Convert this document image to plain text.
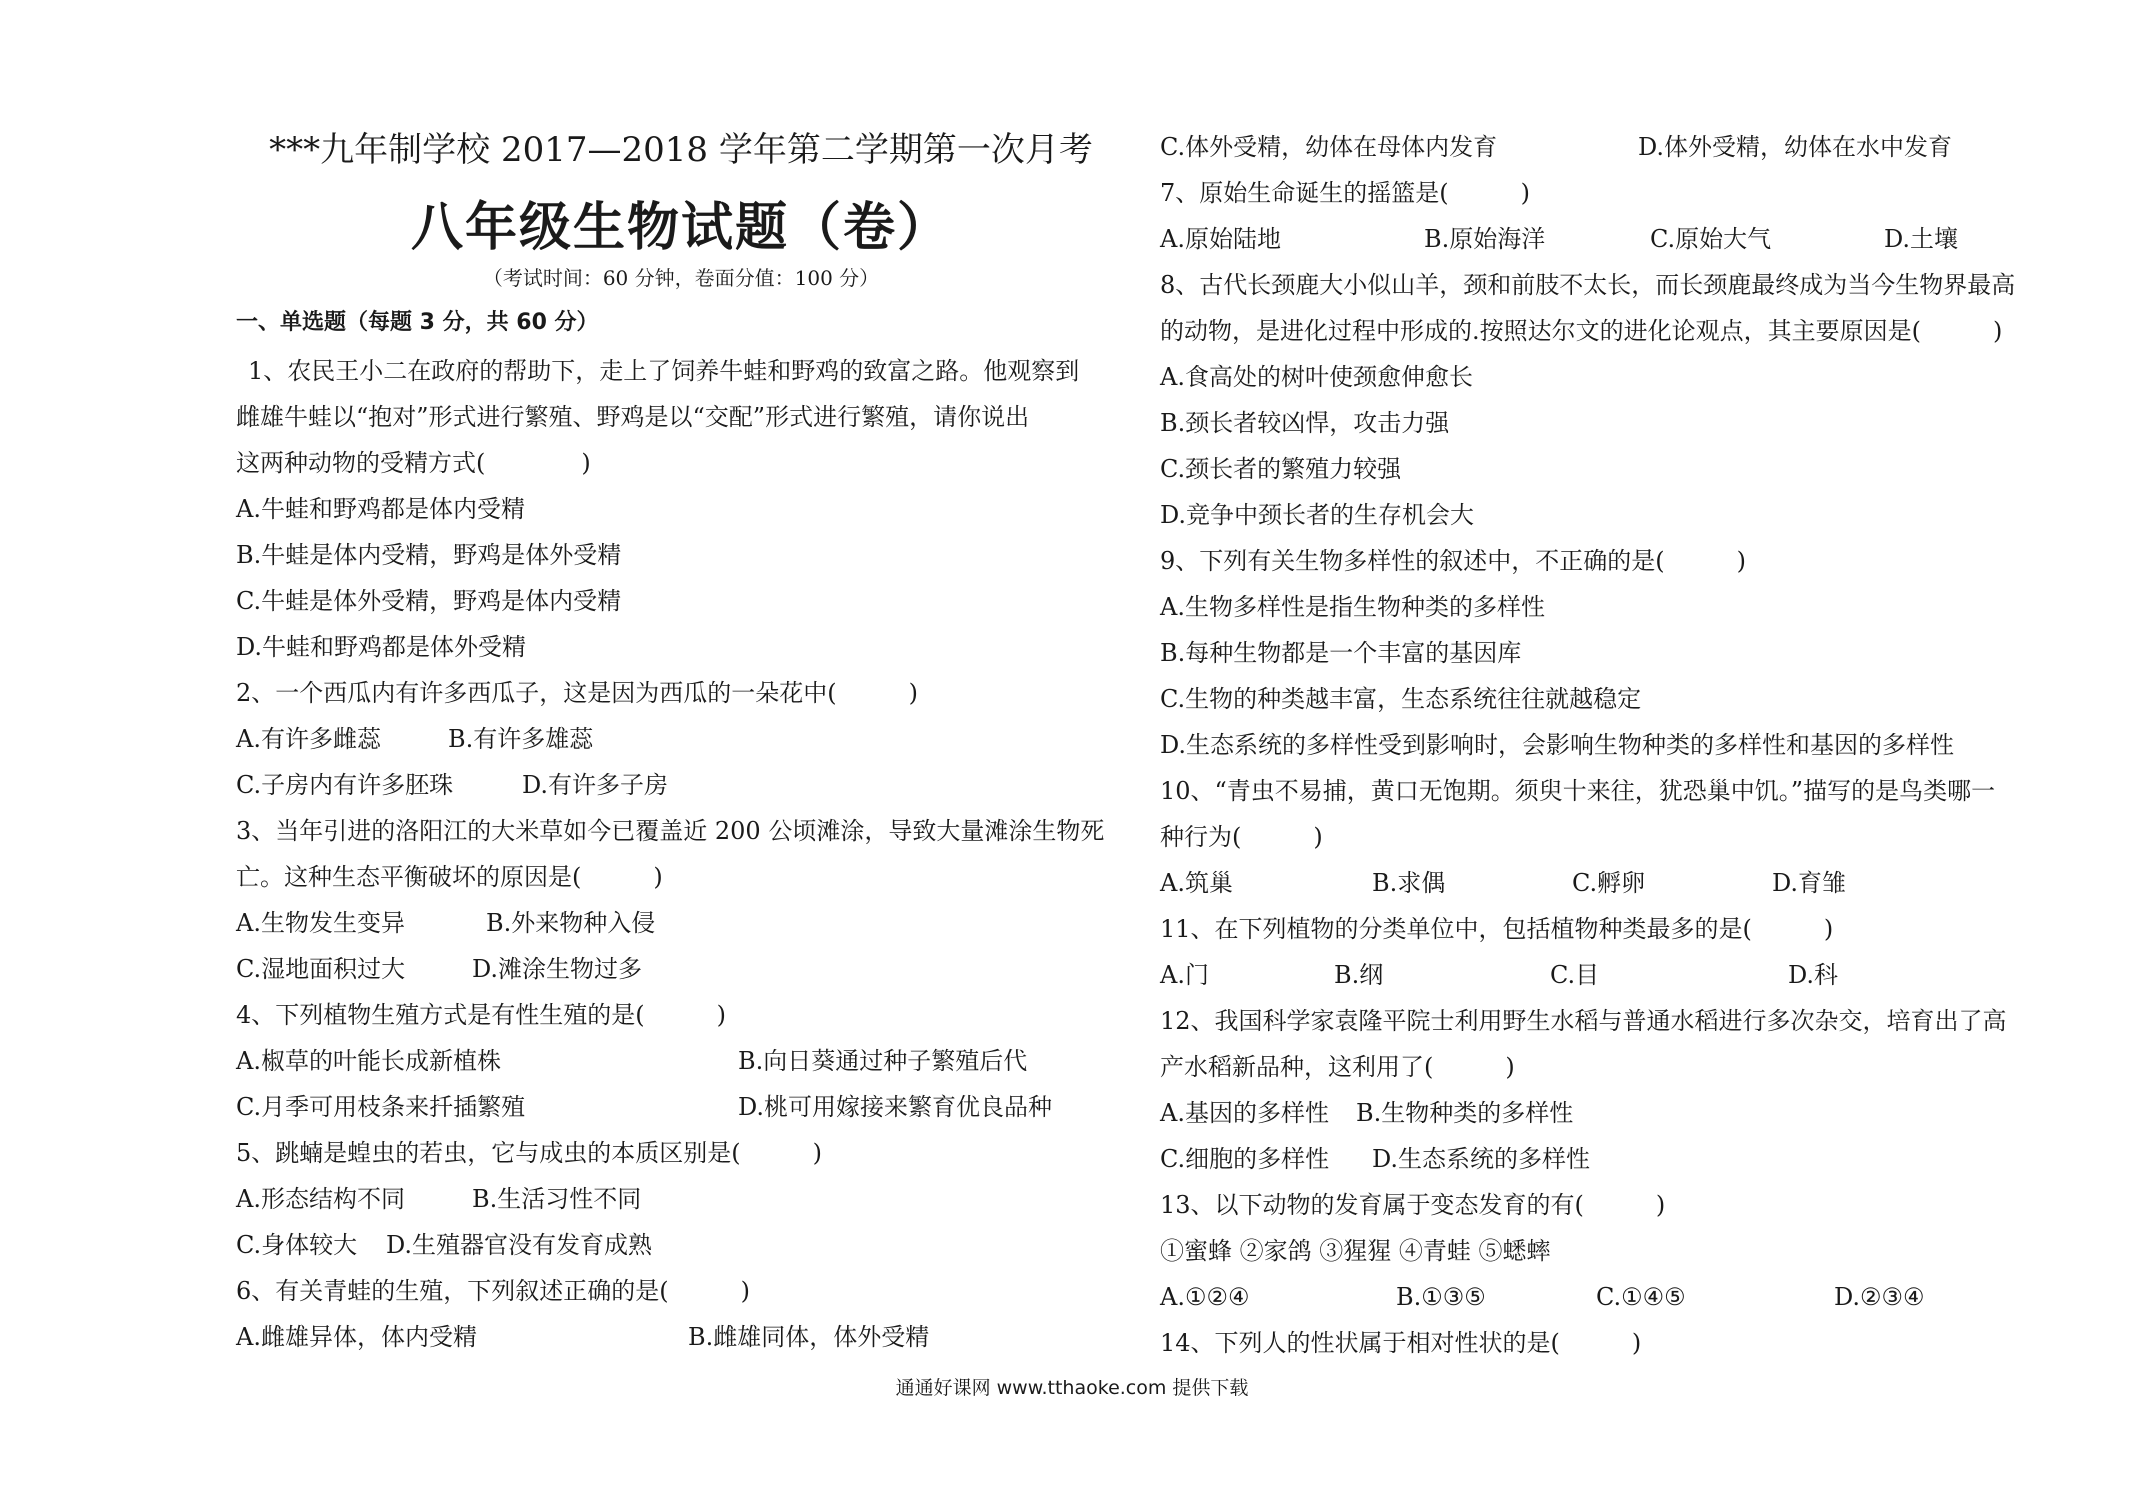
***九年制学校 2017—2018 学年第二学期第一次月考
八年级生物试题（卷）
（考试时间：60 分钟，卷面分值：100 分）
一、单选题（每题 3 分，共 60 分）
1、农民王小二在政府的帮助下，走上了饲养牛蛙和野鸡的致富之路。他观察到
雌雄牛蛙以“抱对”形式进行繁殖、野鸡是以“交配”形式进行繁殖，请你说出
这两种动物的受精方式(　　　　)
A.牛蛙和野鸡都是体内受精
B.牛蛙是体内受精，野鸡是体外受精
C.牛蛙是体外受精，野鸡是体内受精
D.牛蛙和野鸡都是体外受精
2、一个西瓜内有许多西瓜子，这是因为西瓜的一朵花中(　　　)
A.有许多雌蕊	B.有许多雄蕊
C.子房内有许多胚珠	D.有许多子房
3、当年引进的洛阳江的大米草如今已覆盖近 200 公顷滩涂，导致大量滩涂生物死
亡。这种生态平衡破坏的原因是(　　　)
A.生物发生变异	B.外来物种入侵
C.湿地面积过大	D.滩涂生物过多
4、下列植物生殖方式是有性生殖的是(　　　)
A.椒草的叶能长成新植株	B.向日葵通过种子繁殖后代
C.月季可用枝条来扦插繁殖	D.桃可用嫁接来繁育优良品种
5、跳蝻是蝗虫的若虫，它与成虫的本质区别是(　　　)
A.形态结构不同	B.生活习性不同
C.身体较大 D.生殖器官没有发育成熟
6、有关青蛙的生殖，下列叙述正确的是(　　　)
A.雌雄异体，体内受精	B.雌雄同体，体外受精
C.体外受精，幼体在母体内发育	D.体外受精，幼体在水中发育
7、原始生命诞生的摇篮是(　　　)
A.原始陆地	B.原始海洋	C.原始大气	D.土壤
8、古代长颈鹿大小似山羊，颈和前肢不太长，而长颈鹿最终成为当今生物界最高
的动物，是进化过程中形成的.按照达尔文的进化论观点，其主要原因是(　　　)
A.食高处的树叶使颈愈伸愈长
B.颈长者较凶悍，攻击力强
C.颈长者的繁殖力较强
D.竞争中颈长者的生存机会大
9、下列有关生物多样性的叙述中，不正确的是(　　　)
A.生物多样性是指生物种类的多样性
B.每种生物都是一个丰富的基因库
C.生物的种类越丰富，生态系统往往就越稳定
D.生态系统的多样性受到影响时，会影响生物种类的多样性和基因的多样性
10、“青虫不易捕，黄口无饱期。须臾十来往，犹恐巢中饥。”描写的是鸟类哪一
种行为(　　　)
A.筑巢	B.求偶	C.孵卵	D.育雏
11、在下列植物的分类单位中，包括植物种类最多的是(　　　)
A.门	B.纲	C.目	D.科
12、我国科学家袁隆平院士利用野生水稻与普通水稻进行多次杂交，培育出了高
产水稻新品种，这利用了(　　　)
A.基因的多样性 B.生物种类的多样性
C.细胞的多样性 D.生态系统的多样性
13、以下动物的发育属于变态发育的有(　　　)
①蜜蜂 ②家鸽 ③猩猩 ④青蛙 ⑤蟋蟀
A.①②④	B.①③⑤	C.①④⑤	D.②③④
14、下列人的性状属于相对性状的是(　　　)
通通好课网 www.tthaoke.com 提供下载
